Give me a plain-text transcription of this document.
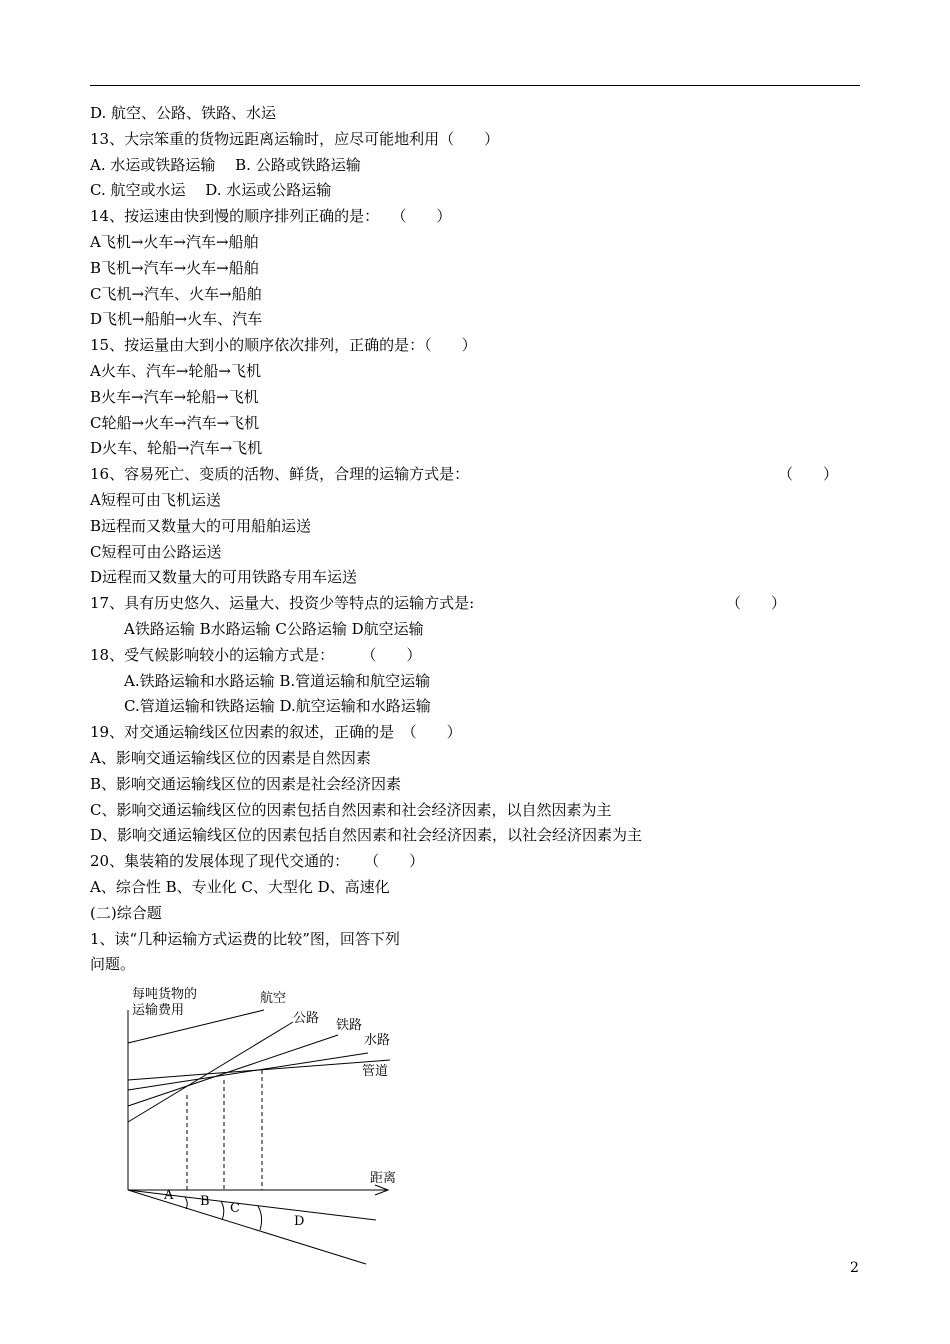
D. 航空、公路、铁路、水运
13、大宗笨重的货物远距离运输时，应尽可能地利用（　　）
A. 水运或铁路运输　 B. 公路或铁路运输
C. 航空或水运　 D. 水运或公路运输
14、按运速由快到慢的顺序排列正确的是：　 （　　）
A飞机→火车→汽车→船舶
B飞机→汽车→火车→船舶
C飞机→汽车、火车→船舶
D飞机→船舶→火车、汽车
15、按运量由大到小的顺序依次排列，正确的是：（　　）
A火车、汽车→轮船→飞机
B火车→汽车→轮船→飞机
C轮船→火车→汽车→飞机
D火车、轮船→汽车→飞机
16、容易死亡、变质的活物、鲜货，合理的运输方式是：	（　　）
A短程可由飞机运送
B远程而又数量大的可用船舶运送
C短程可由公路运送
D远程而又数量大的可用铁路专用车运送
17、具有历史悠久、运量大、投资少等特点的运输方式是:	（　　）
A铁路运输 B水路运输 C公路运输 D航空运输
18、受气候影响较小的运输方式是：　　 （　　）
A.铁路运输和水路运输 B.管道运输和航空运输
C.管道运输和铁路运输 D.航空运输和水路运输
19、对交通运输线区位因素的叙述，正确的是　（　　）
A、影响交通运输线区位的因素是自然因素
B、影响交通运输线区位的因素是社会经济因素
C、影响交通运输线区位的因素包括自然因素和社会经济因素，以自然因素为主
D、影响交通运输线区位的因素包括自然因素和社会经济因素，以社会经济因素为主
20、集装箱的发展体现了现代交通的：　　（　　）
A、综合性 B、专业化 C、大型化 D、高速化
(二)综合题
1、读“几种运输方式运费的比较”图，回答下列
问题。
每吨货物的
运输费用
距离
航空
公路 铁路
水路
管道
A B C
D
2
